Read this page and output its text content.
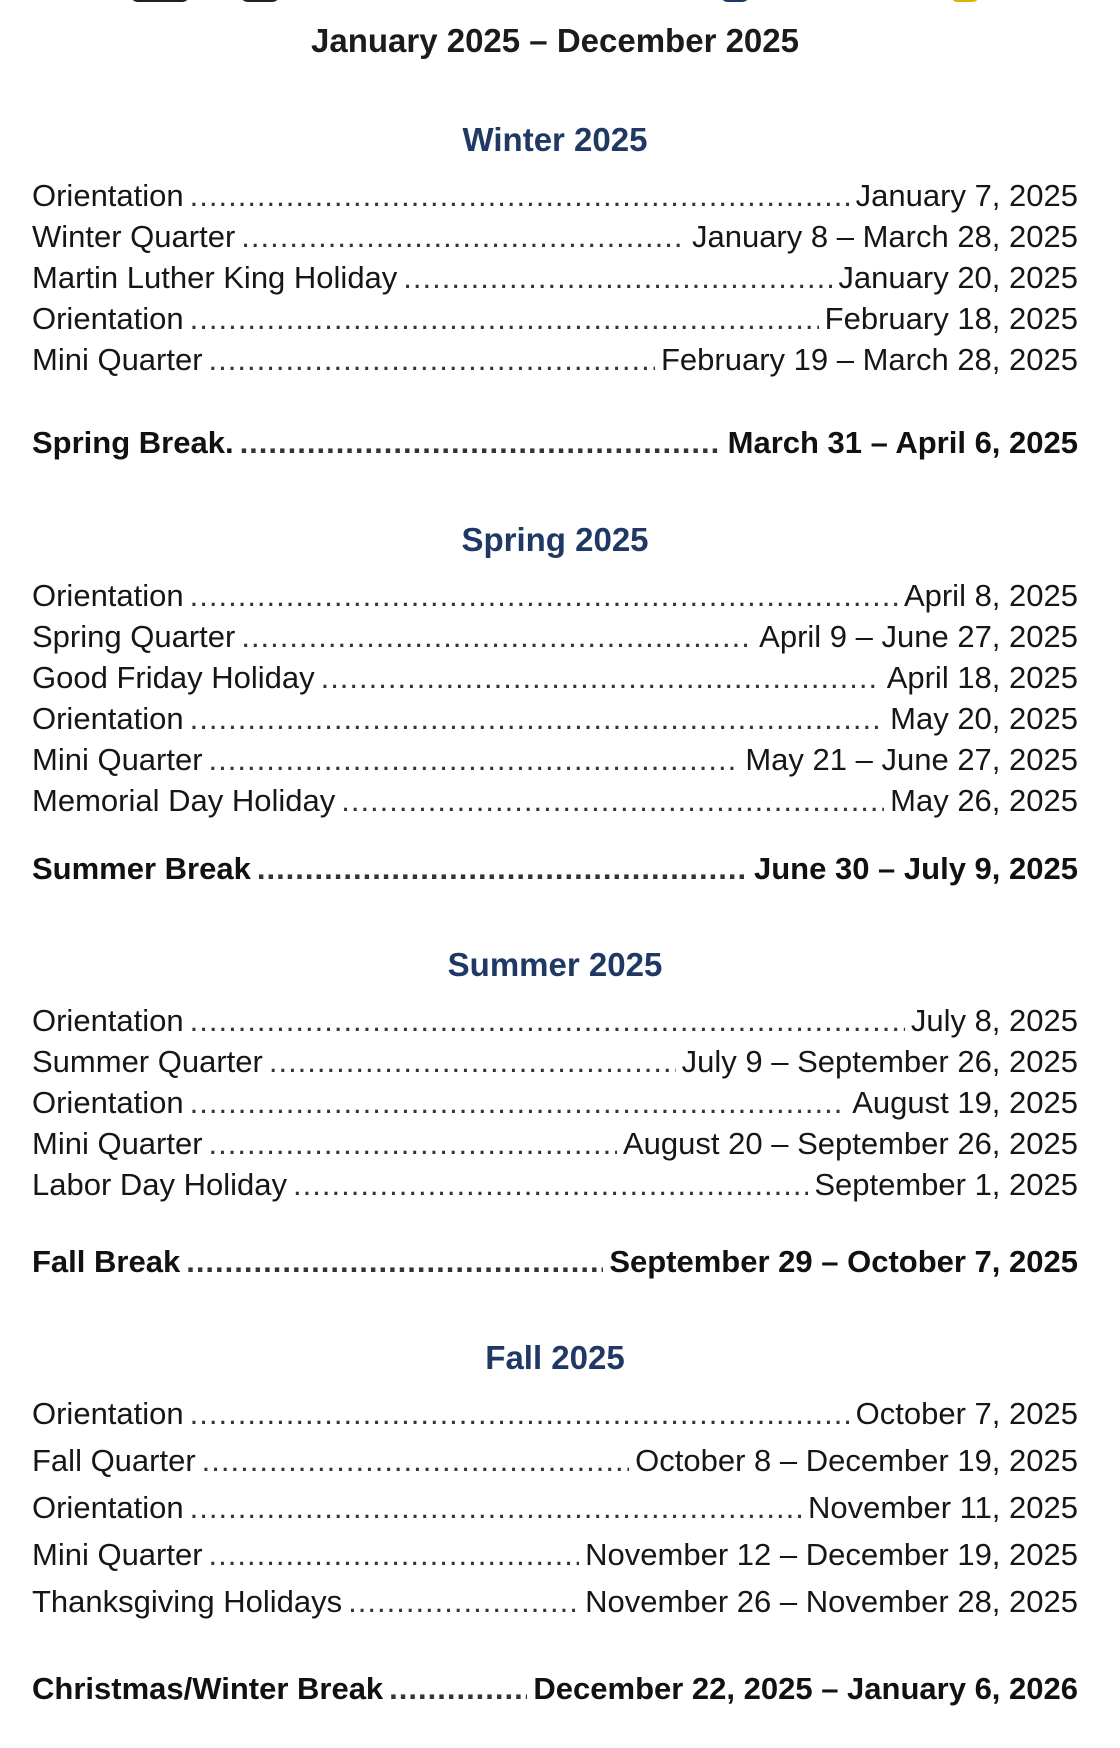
January 2025 – December 2025
Winter 2025
Orientation .....	January 7, 2025
Winter Quarter .....	January 8 – March 28, 2025
Martin Luther King Holiday .....	January 20, 2025
Orientation .....	February 18, 2025
Mini Quarter .....	February 19 – March 28, 2025
Spring Break. .....	March 31 – April 6, 2025
Spring 2025
Orientation .....	April 8, 2025
Spring Quarter .....	April 9 – June 27, 2025
Good Friday Holiday .....	April 18, 2025
Orientation .....	May 20, 2025
Mini Quarter .....	May 21 – June 27, 2025
Memorial Day Holiday .....	May 26, 2025
Summer Break .....	June 30 – July 9, 2025
Summer 2025
Orientation .....	July 8, 2025
Summer Quarter .....	July 9 – September 26, 2025
Orientation .....	August 19, 2025
Mini Quarter .....	August 20 – September 26, 2025
Labor Day Holiday .....	September 1, 2025
Fall Break .....	September 29 – October 7, 2025
Fall 2025
Orientation .....	October 7, 2025
Fall Quarter .....	October 8 – December 19, 2025
Orientation .....	November 11, 2025
Mini Quarter .....	November 12 – December 19, 2025
Thanksgiving Holidays .....	November 26 – November 28, 2025
Christmas/Winter Break .....	December 22, 2025 – January 6, 2026
